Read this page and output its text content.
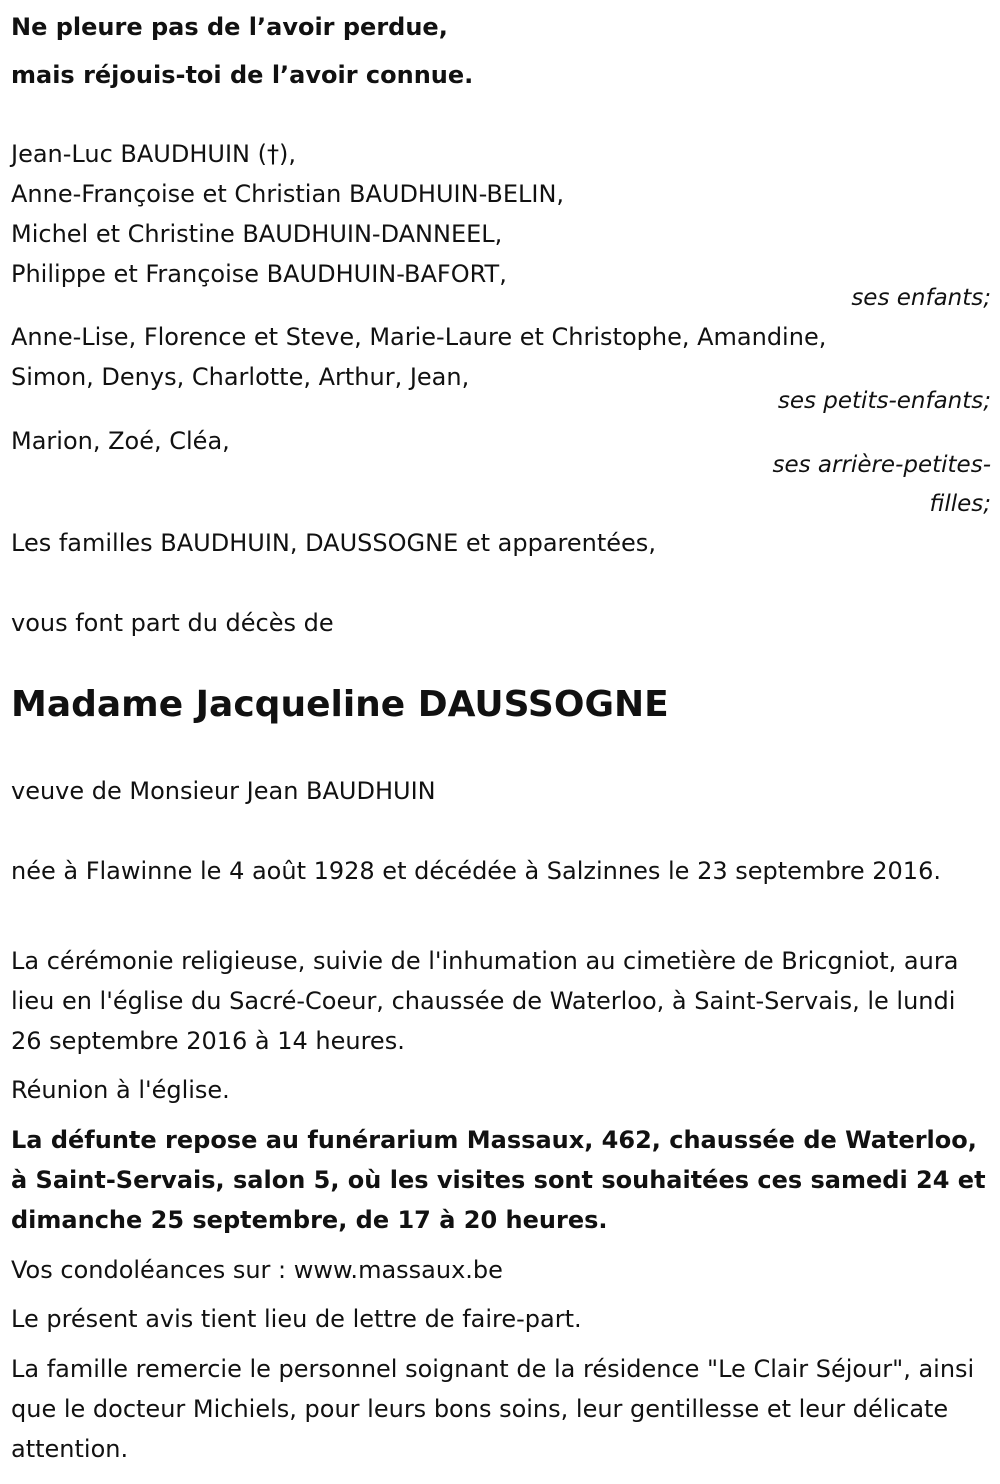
Ne pleure pas de l’avoir perdue,
mais réjouis-toi de l’avoir connue.
Jean-Luc BAUDHUIN (†),
Anne-Françoise et Christian BAUDHUIN-BELIN,
Michel et Christine BAUDHUIN-DANNEEL,
Philippe et Françoise BAUDHUIN-BAFORT,
ses enfants;
Anne-Lise, Florence et Steve, Marie-Laure et Christophe, Amandine,
Simon, Denys, Charlotte, Arthur, Jean,
ses petits-enfants;
Marion, Zoé, Cléa,
ses arrière-petites-
filles;
Les familles BAUDHUIN, DAUSSOGNE et apparentées,
vous font part du décès de
Madame Jacqueline DAUSSOGNE
veuve de Monsieur Jean BAUDHUIN
née à Flawinne le 4 août 1928 et décédée à Salzinnes le 23 septembre 2016.
La cérémonie religieuse, suivie de l'inhumation au cimetière de Bricgniot, aura lieu en l'église du Sacré-Coeur, chaussée de Waterloo, à Saint-Servais, le lundi 26 septembre 2016 à 14 heures.
Réunion à l'église.
La défunte repose au funérarium Massaux, 462, chaussée de Waterloo, à Saint-Servais, salon 5, où les visites sont souhaitées ces samedi 24 et dimanche 25 septembre, de 17 à 20 heures.
Vos condoléances sur : www.massaux.be
Le présent avis tient lieu de lettre de faire-part.
La famille remercie le personnel soignant de la résidence "Le Clair Séjour", ainsi que le docteur Michiels, pour leurs bons soins, leur gentillesse et leur délicate attention.
